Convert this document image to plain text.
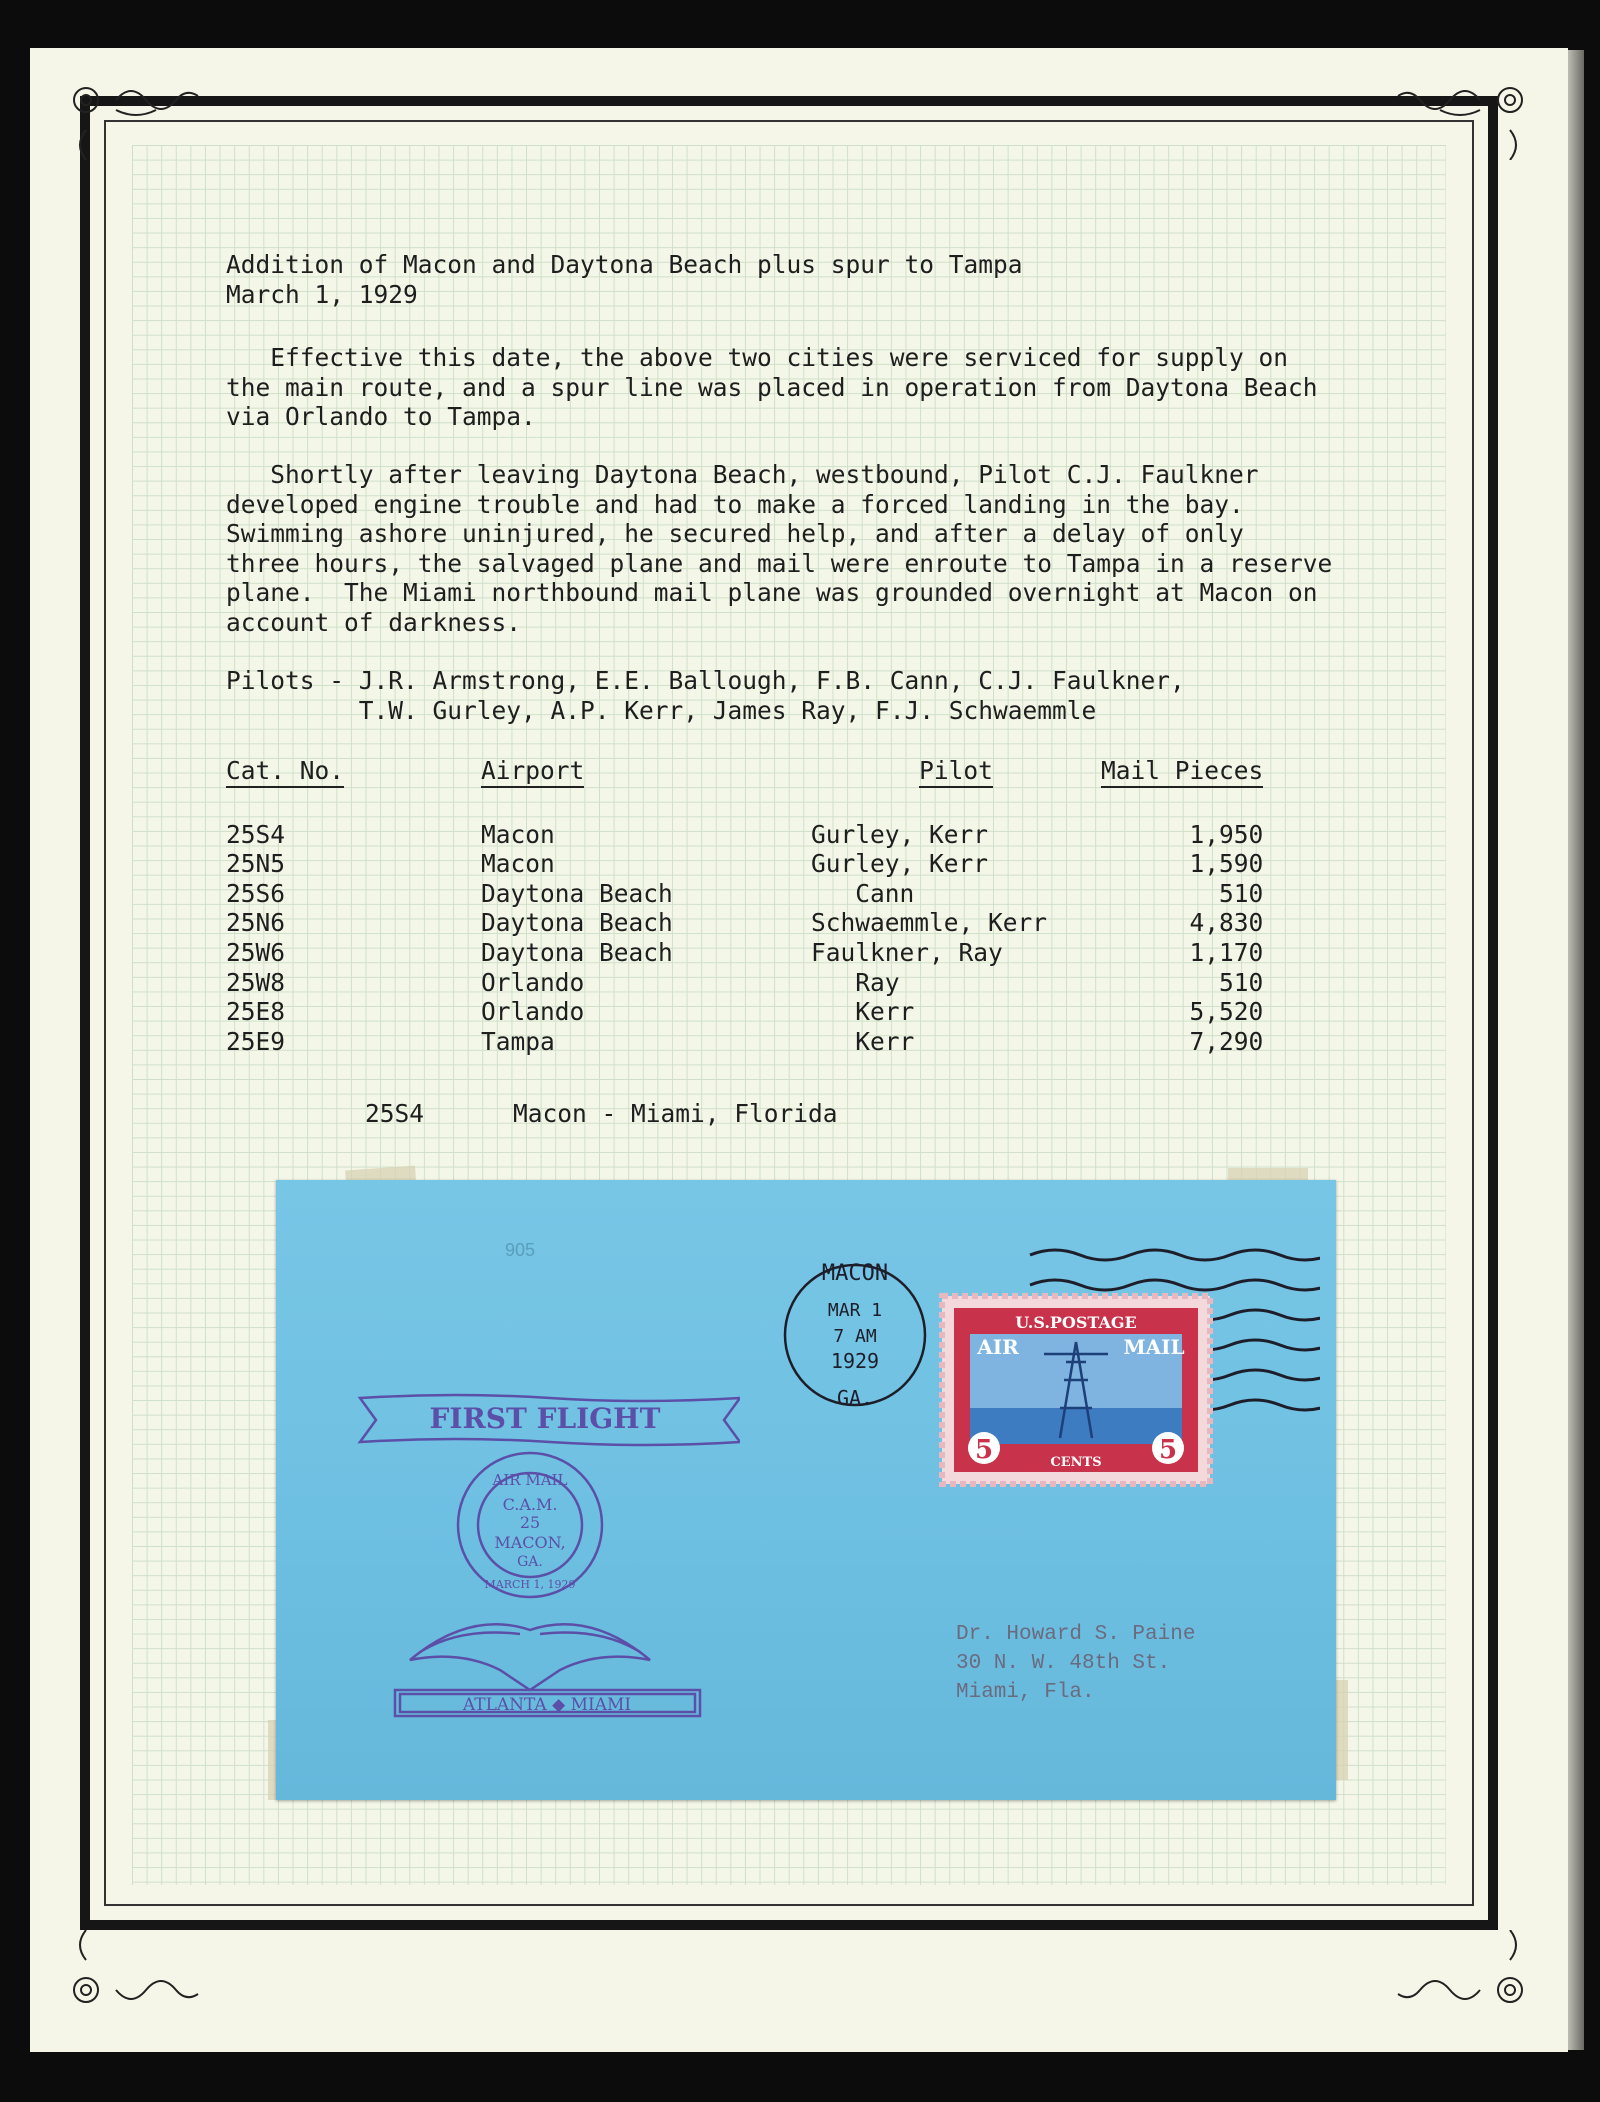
Addition of Macon and Daytona Beach plus spur to Tampa
March 1, 1929
Effective this date, the above two cities were serviced for supply on
the main route, and a spur line was placed in operation from Daytona Beach
via Orlando to Tampa.
Shortly after leaving Daytona Beach, westbound, Pilot C.J. Faulkner
developed engine trouble and had to make a forced landing in the bay.
Swimming ashore uninjured, he secured help, and after a delay of only
three hours, the salvaged plane and mail were enroute to Tampa in a reserve
plane.  The Miami northbound mail plane was grounded overnight at Macon on
account of darkness.
Pilots - J.R. Armstrong, E.E. Ballough, F.B. Cann, C.J. Faulkner,
T.W. Gurley, A.P. Kerr, James Ray, F.J. Schwaemmle
Cat. No.	Airport	Pilot	Mail Pieces

25S4	Macon	Gurley, Kerr	1,950
25N5	Macon	Gurley, Kerr	1,590
25S6	Daytona Beach	Cann	510
25N6	Daytona Beach	Schwaemmle, Kerr	4,830
25W6	Daytona Beach	Faulkner, Ray	1,170
25W8	Orlando	Ray	510
25E8	Orlando	Kerr	5,520
25E9	Tampa	Kerr	7,290
25S4	Macon - Miami, Florida
905
FIRST FLIGHT
AIR MAIL
C.A.M.
25
MACON,
GA.
MARCH 1, 1929
ATLANTA ◆ MIAMI
MACON
MAR 1
7 AM
1929
GA.
U.S.POSTAGE
AIR	MAIL
5	5
CENTS
Dr. Howard S. Paine
30 N. W. 48th St.
Miami, Fla.
